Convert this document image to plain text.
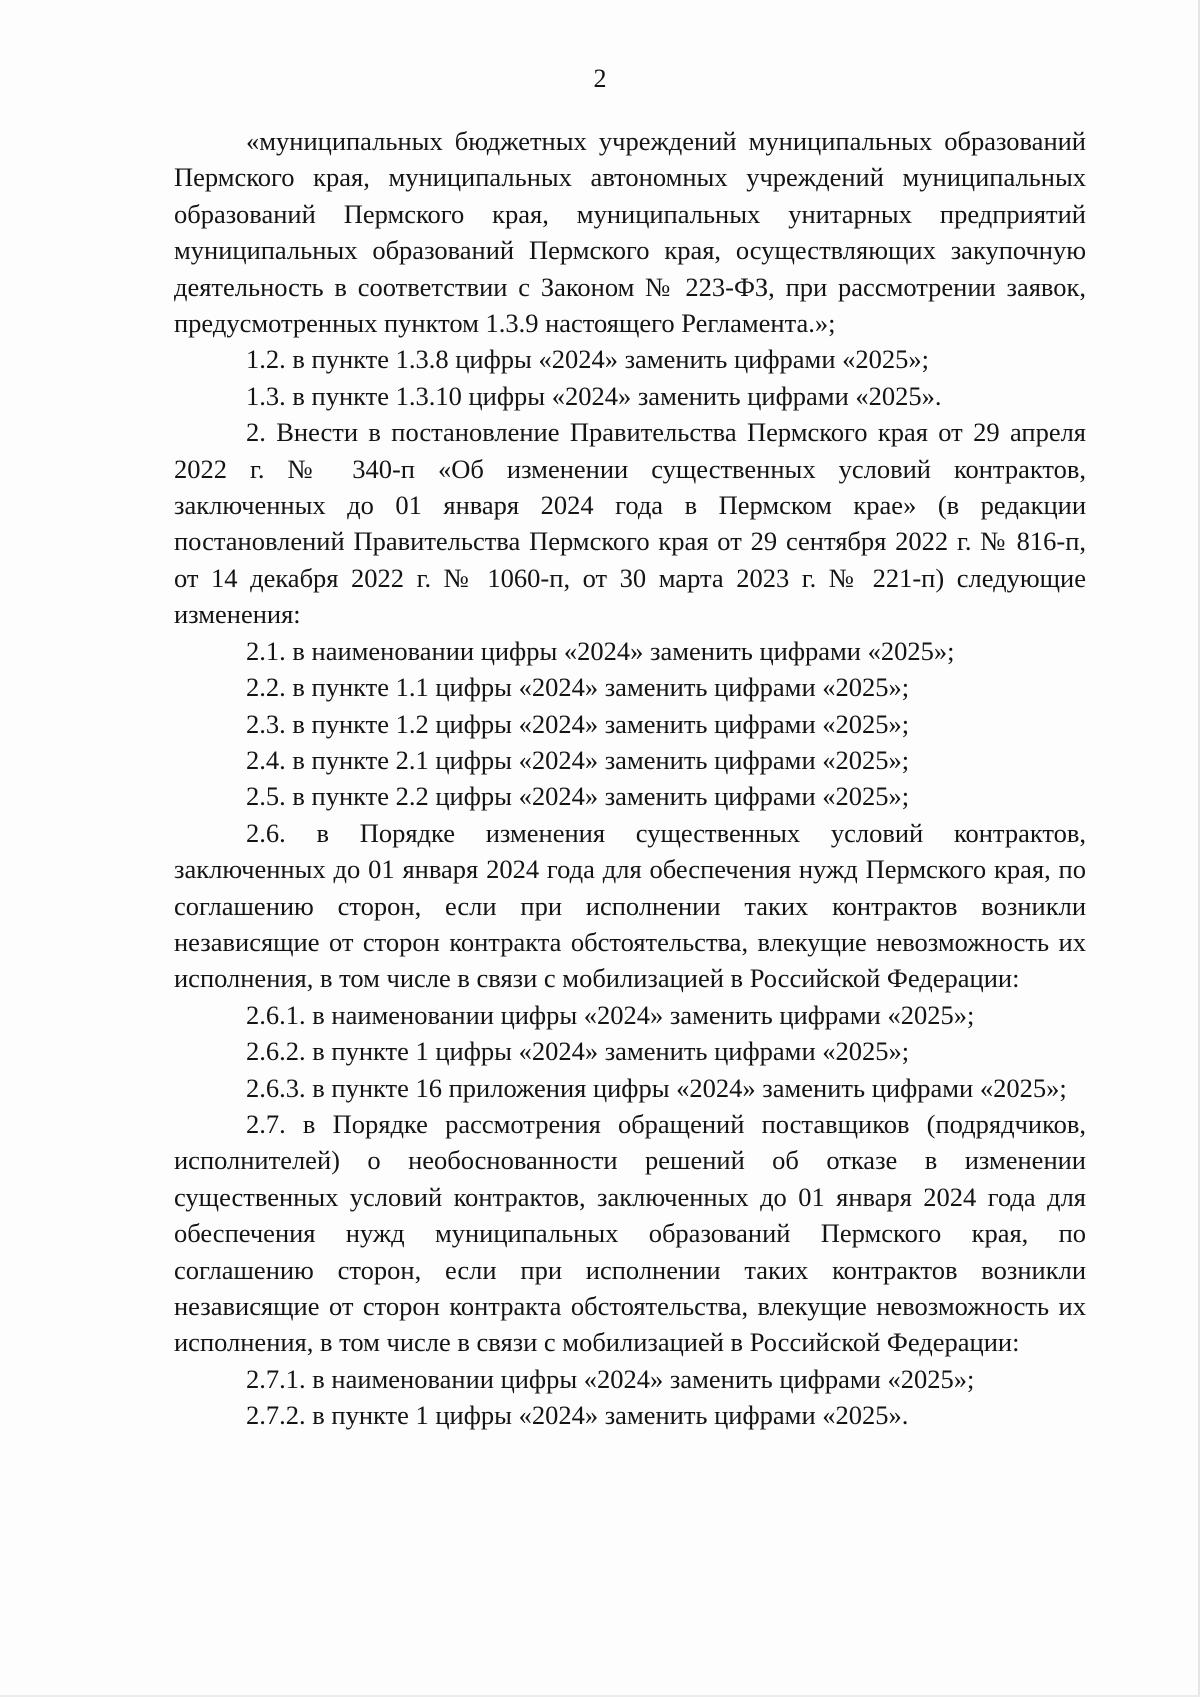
2

«муниципальных бюджетных учреждений муниципальных образований Пермского края, муниципальных автономных учреждений муниципальных образований Пермского края, муниципальных унитарных предприятий муниципальных образований Пермского края, осуществляющих закупочную деятельность в соответствии с Законом № 223-ФЗ, при рассмотрении заявок, предусмотренных пунктом 1.3.9 настоящего Регламента.»;

1.2. в пункте 1.3.8 цифры «2024» заменить цифрами «2025»;

1.3. в пункте 1.3.10 цифры «2024» заменить цифрами «2025».

2. Внести в постановление Правительства Пермского края от 29 апреля 2022 г. № 340-п «Об изменении существенных условий контрактов, заключенных до 01 января 2024 года в Пермском крае» (в редакции постановлений Правительства Пермского края от 29 сентября 2022 г. № 816-п, от 14 декабря 2022 г. № 1060-п, от 30 марта 2023 г. № 221-п) следующие изменения:

2.1. в наименовании цифры «2024» заменить цифрами «2025»;

2.2. в пункте 1.1 цифры «2024» заменить цифрами «2025»;

2.3. в пункте 1.2 цифры «2024» заменить цифрами «2025»;

2.4. в пункте 2.1 цифры «2024» заменить цифрами «2025»;

2.5. в пункте 2.2 цифры «2024» заменить цифрами «2025»;

2.6. в Порядке изменения существенных условий контрактов, заключенных до 01 января 2024 года для обеспечения нужд Пермского края, по соглашению сторон, если при исполнении таких контрактов возникли независящие от сторон контракта обстоятельства, влекущие невозможность их исполнения, в том числе в связи с мобилизацией в Российской Федерации:

2.6.1. в наименовании цифры «2024» заменить цифрами «2025»;

2.6.2. в пункте 1 цифры «2024» заменить цифрами «2025»;

2.6.3. в пункте 16 приложения цифры «2024» заменить цифрами «2025»;

2.7. в Порядке рассмотрения обращений поставщиков (подрядчиков, исполнителей) о необоснованности решений об отказе в изменении существенных условий контрактов, заключенных до 01 января 2024 года для обеспечения нужд муниципальных образований Пермского края, по соглашению сторон, если при исполнении таких контрактов возникли независящие от сторон контракта обстоятельства, влекущие невозможность их исполнения, в том числе в связи с мобилизацией в Российской Федерации:

2.7.1. в наименовании цифры «2024» заменить цифрами «2025»;

2.7.2. в пункте 1 цифры «2024» заменить цифрами «2025».
